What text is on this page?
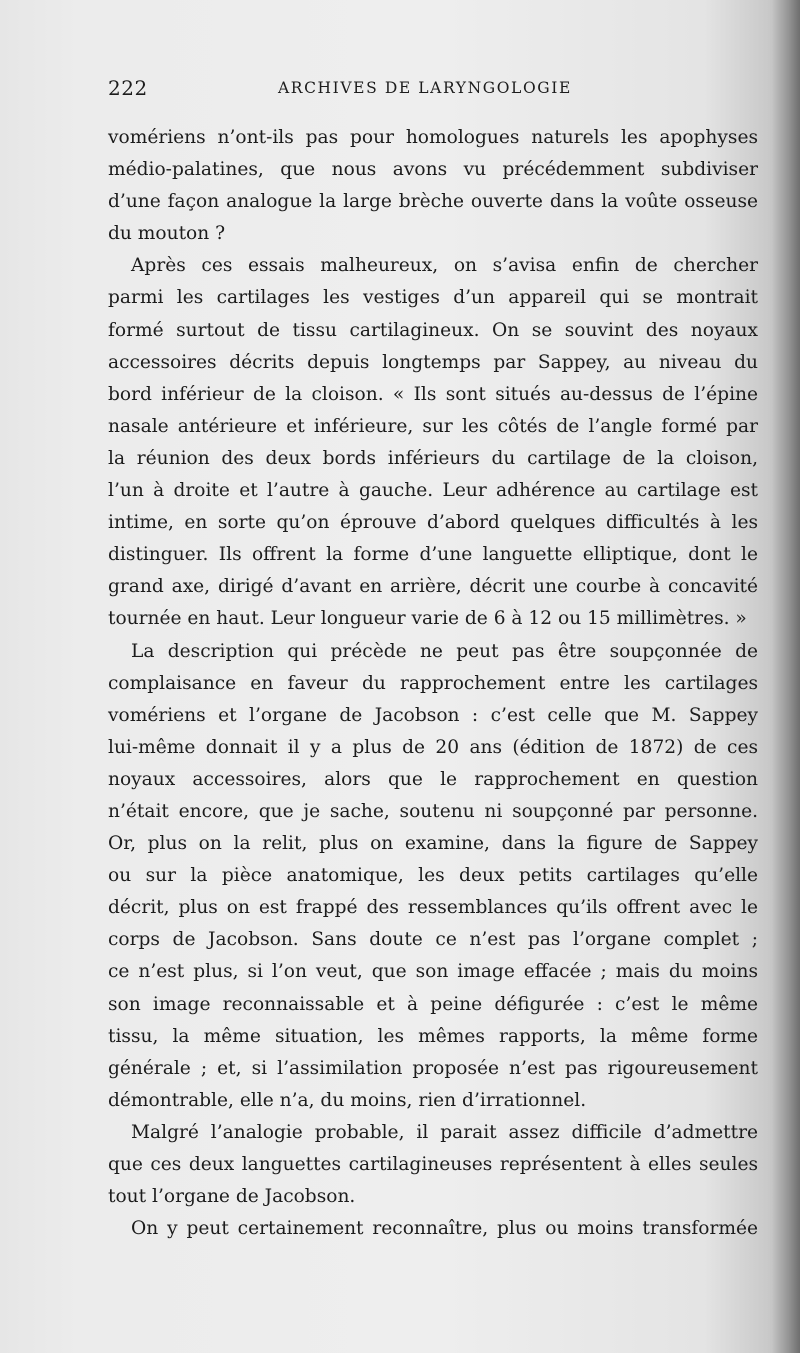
222	ARCHIVES DE LARYNGOLOGIE
vomériens n’ont-ils pas pour homologues naturels les apophyses
médio-palatines, que nous avons vu précédemment subdiviser
d’une façon analogue la large brèche ouverte dans la voûte osseuse
du mouton ?
Après ces essais malheureux, on s’avisa enfin de chercher
parmi les cartilages les vestiges d’un appareil qui se montrait
formé surtout de tissu cartilagineux. On se souvint des noyaux
accessoires décrits depuis longtemps par Sappey, au niveau du
bord inférieur de la cloison. « Ils sont situés au-dessus de l’épine
nasale antérieure et inférieure, sur les côtés de l’angle formé par
la réunion des deux bords inférieurs du cartilage de la cloison,
l’un à droite et l’autre à gauche. Leur adhérence au cartilage est
intime, en sorte qu’on éprouve d’abord quelques difficultés à les
distinguer. Ils offrent la forme d’une languette elliptique, dont le
grand axe, dirigé d’avant en arrière, décrit une courbe à concavité
tournée en haut. Leur longueur varie de 6 à 12 ou 15 millimètres. »
La description qui précède ne peut pas être soupçonnée de
complaisance en faveur du rapprochement entre les cartilages
vomériens et l’organe de Jacobson : c’est celle que M. Sappey
lui-même donnait il y a plus de 20 ans (édition de 1872) de ces
noyaux accessoires, alors que le rapprochement en question
n’était encore, que je sache, soutenu ni soupçonné par personne.
Or, plus on la relit, plus on examine, dans la figure de Sappey
ou sur la pièce anatomique, les deux petits cartilages qu’elle
décrit, plus on est frappé des ressemblances qu’ils offrent avec le
corps de Jacobson. Sans doute ce n’est pas l’organe complet ;
ce n’est plus, si l’on veut, que son image effacée ; mais du moins
son image reconnaissable et à peine défigurée : c’est le même
tissu, la même situation, les mêmes rapports, la même forme
générale ; et, si l’assimilation proposée n’est pas rigoureusement
démontrable, elle n’a, du moins, rien d’irrationnel.
Malgré l’analogie probable, il parait assez difficile d’admettre
que ces deux languettes cartilagineuses représentent à elles seules
tout l’organe de Jacobson.
On y peut certainement reconnaître, plus ou moins transformée
